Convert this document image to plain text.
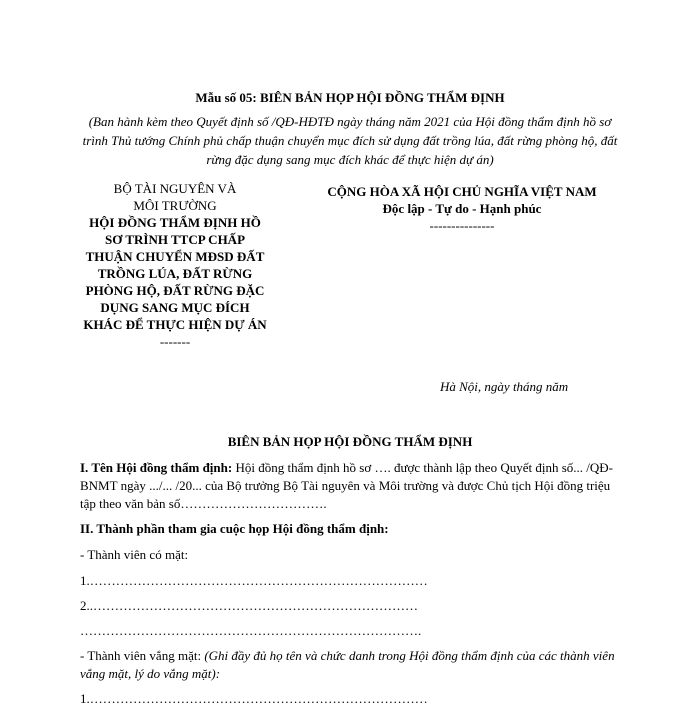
Mẫu số 05: BIÊN BẢN HỌP HỘI ĐỒNG THẨM ĐỊNH
(Ban hành kèm theo Quyết định số /QĐ-HĐTĐ ngày tháng năm 2021 của Hội đồng thẩm định hồ sơ trình Thủ tướng Chính phủ chấp thuận chuyển mục đích sử dụng đất trồng lúa, đất rừng phòng hộ, đất rừng đặc dụng sang mục đích khác để thực hiện dự án)
BỘ TÀI NGUYÊN VÀ
MÔI TRƯỜNG
HỘI ĐỒNG THẨM ĐỊNH HỒ
SƠ TRÌNH TTCP CHẤP
THUẬN CHUYỂN MĐSD ĐẤT
TRỒNG LÚA, ĐẤT RỪNG
PHÒNG HỘ, ĐẤT RỪNG ĐẶC
DỤNG SANG MỤC ĐÍCH
KHÁC ĐỂ THỰC HIỆN DỰ ÁN
-------
CỘNG HÒA XÃ HỘI CHỦ NGHĨA VIỆT NAM
Độc lập - Tự do - Hạnh phúc
---------------
Hà Nội, ngày tháng năm
BIÊN BẢN HỌP HỘI ĐỒNG THẨM ĐỊNH
I. Tên Hội đồng thẩm định: Hội đồng thẩm định hồ sơ …. được thành lập theo Quyết định số... /QĐ-BNMT ngày .../... /20... của Bộ trưởng Bộ Tài nguyên và Môi trường và được Chủ tịch Hội đồng triệu tập theo văn bản số…………………………….
II. Thành phần tham gia cuộc họp Hội đồng thẩm định:
- Thành viên có mặt:
1.……………………………………………………………………
2..…………………………………………………………………
…………………………………………………………………….
- Thành viên vắng mặt: (Ghi đầy đủ họ tên và chức danh trong Hội đồng thẩm định của các thành viên vắng mặt, lý do vắng mặt):
1.……………………………………………………………………
